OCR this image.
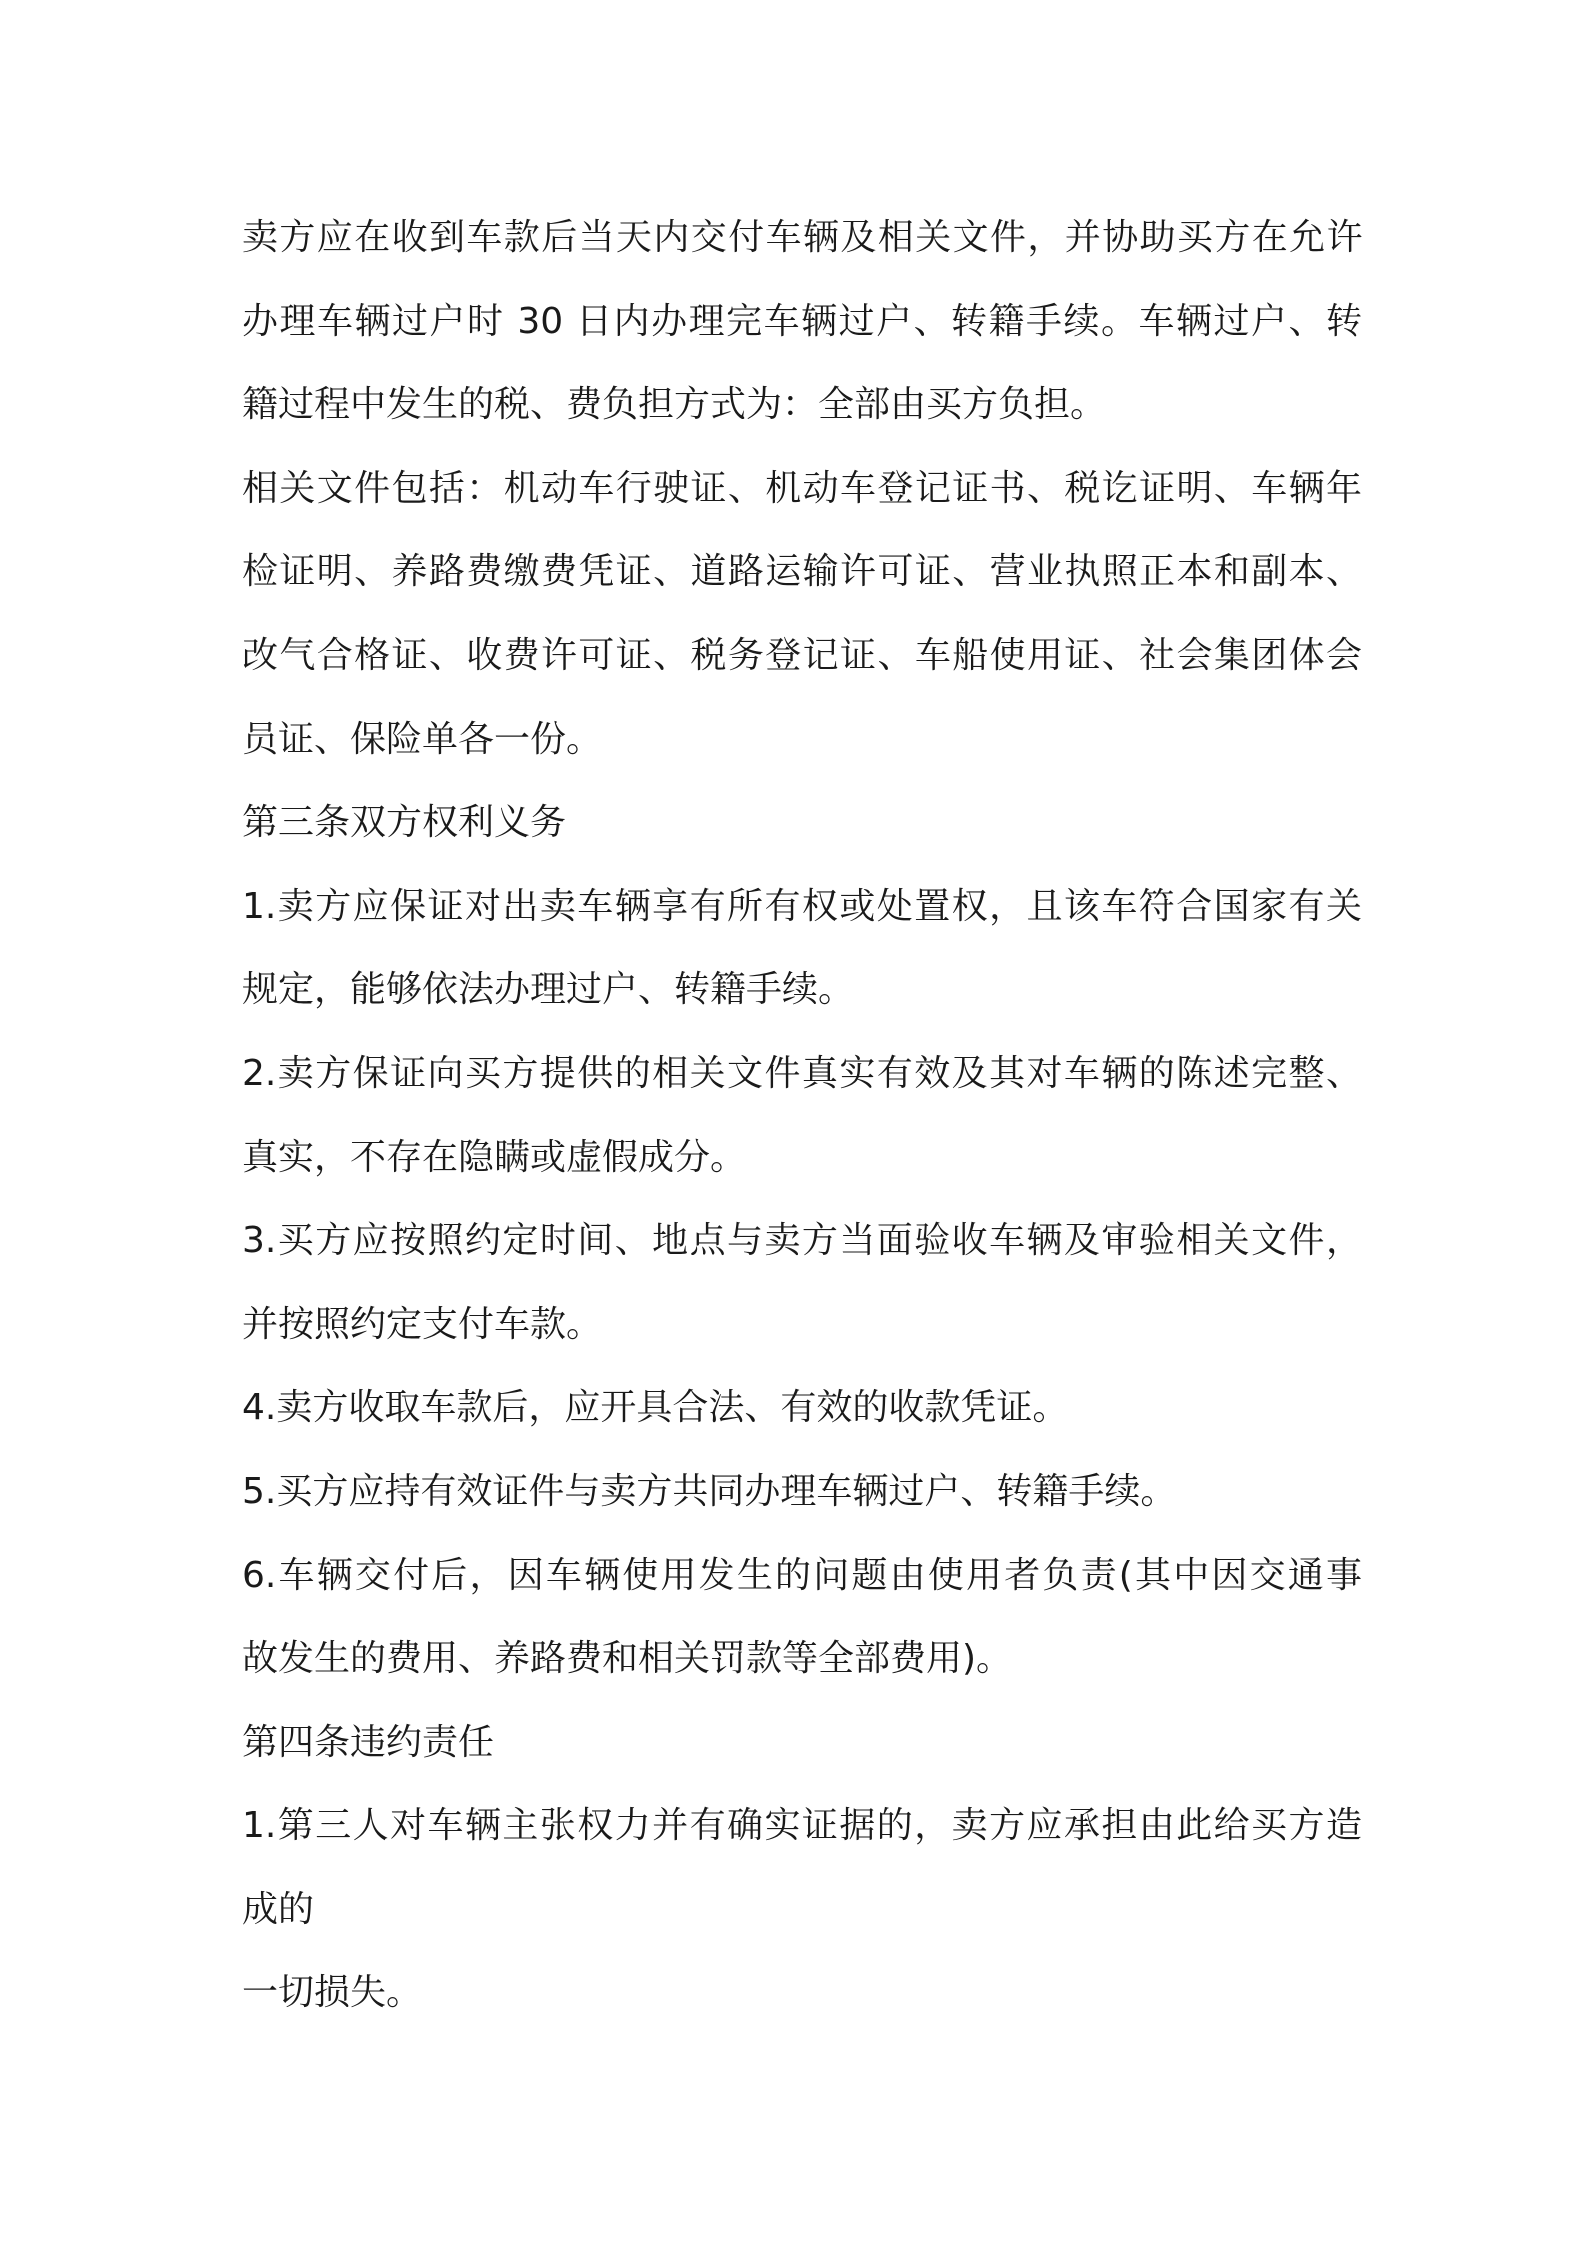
卖方应在收到车款后当天内交付车辆及相关文件，并协助买方在允许
办理车辆过户时 30 日内办理完车辆过户、转籍手续。车辆过户、转
籍过程中发生的税、费负担方式为：全部由买方负担。
相关文件包括：机动车行驶证、机动车登记证书、税讫证明、车辆年
检证明、养路费缴费凭证、道路运输许可证、营业执照正本和副本、
改气合格证、收费许可证、税务登记证、车船使用证、社会集团体会
员证、保险单各一份。
第三条双方权利义务
1.卖方应保证对出卖车辆享有所有权或处置权，且该车符合国家有关
规定，能够依法办理过户、转籍手续。
2.卖方保证向买方提供的相关文件真实有效及其对车辆的陈述完整、
真实，不存在隐瞒或虚假成分。
3.买方应按照约定时间、地点与卖方当面验收车辆及审验相关文件，
并按照约定支付车款。
4.卖方收取车款后，应开具合法、有效的收款凭证。
5.买方应持有效证件与卖方共同办理车辆过户、转籍手续。
6.车辆交付后，因车辆使用发生的问题由使用者负责(其中因交通事
故发生的费用、养路费和相关罚款等全部费用)。
第四条违约责任
1.第三人对车辆主张权力并有确实证据的，卖方应承担由此给买方造
成的
一切损失。
